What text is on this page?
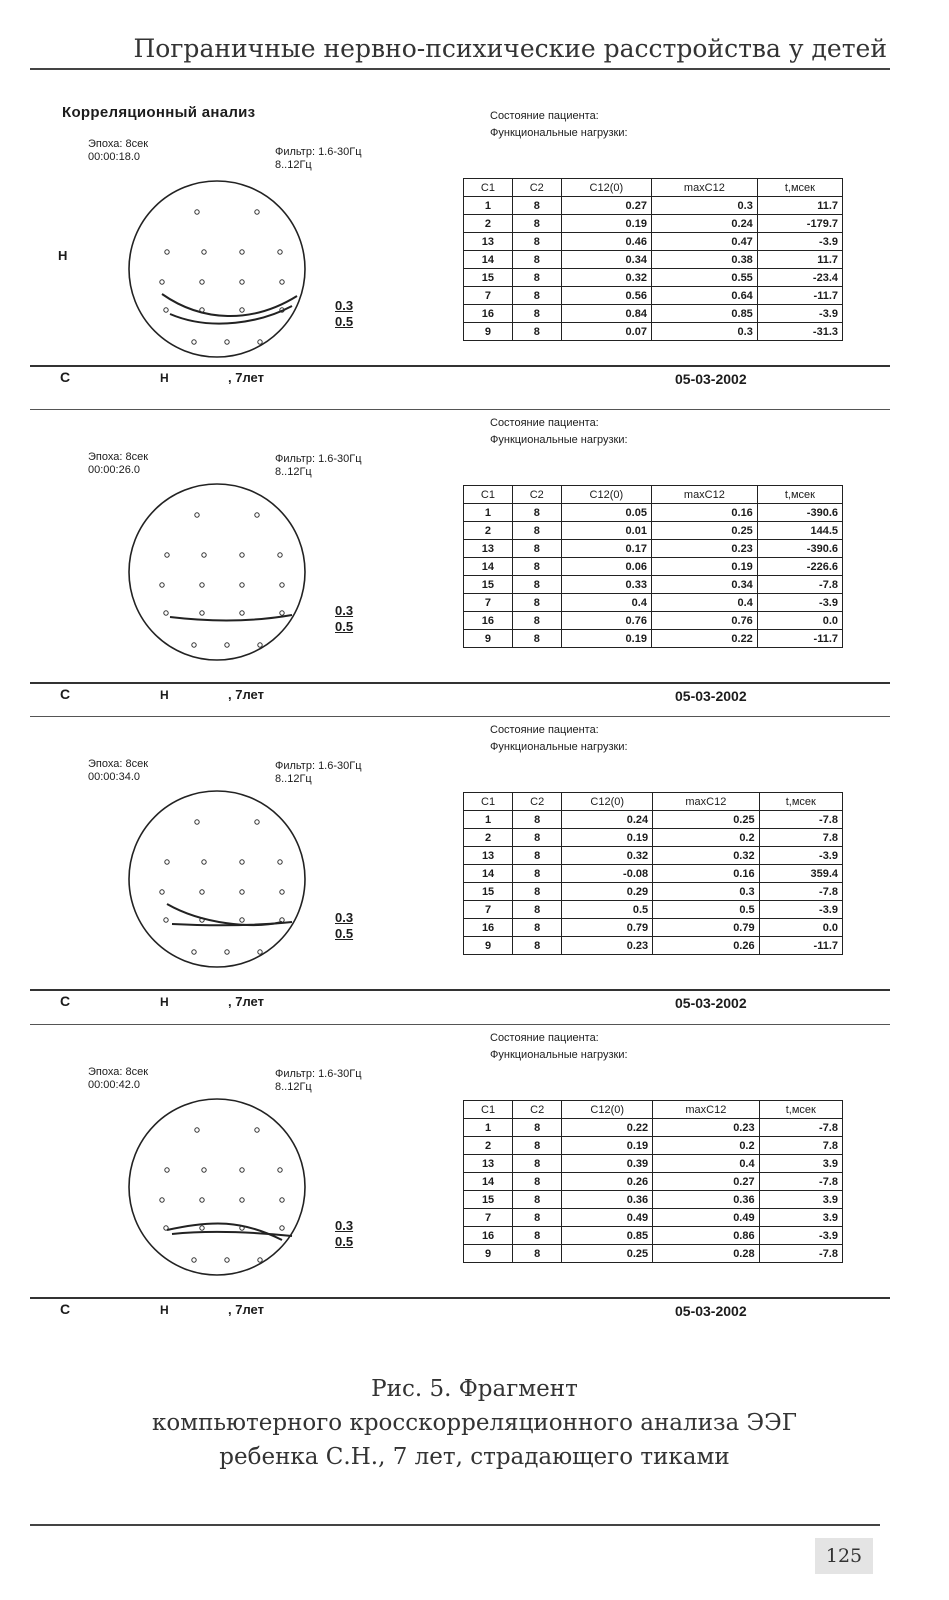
Пограничные нервно-психические расстройства у детей
Корреляционный анализ	Состояние пациента:
Функциональные нагрузки:
Эпоха: 8сек
00:00:18.0	Фильтр: 1.6-30Гц
8..12Гц
Н
0.3
0.5
С1	С2	С12(0)	maxC12	t,мсек
1	8	0.27	0.3	11.7
2	8	0.19	0.24	-179.7
13	8	0.46	0.47	-3.9
14	8	0.34	0.38	11.7
15	8	0.32	0.55	-23.4
7	8	0.56	0.64	-11.7
16	8	0.84	0.85	-3.9
9	8	0.07	0.3	-31.3
С	Н	, 7лет	05-03-2002
Состояние пациента:
Функциональные нагрузки:
Эпоха: 8сек
00:00:26.0
Фильтр: 1.6-30Гц
8..12Гц
0.3
0.5
С1	С2	С12(0)	maxC12	t,мсек
1	8	0.05	0.16	-390.6
2	8	0.01	0.25	144.5
13	8	0.17	0.23	-390.6
14	8	0.06	0.19	-226.6
15	8	0.33	0.34	-7.8
7	8	0.4	0.4	-3.9
16	8	0.76	0.76	0.0
9	8	0.19	0.22	-11.7
С	Н	, 7лет	05-03-2002
Состояние пациента:
Функциональные нагрузки:
Эпоха: 8сек
00:00:34.0
Фильтр: 1.6-30Гц
8..12Гц
0.3
0.5
С1	С2	С12(0)	maxC12	t,мсек
1	8	0.24	0.25	-7.8
2	8	0.19	0.2	7.8
13	8	0.32	0.32	-3.9
14	8	-0.08	0.16	359.4
15	8	0.29	0.3	-7.8
7	8	0.5	0.5	-3.9
16	8	0.79	0.79	0.0
9	8	0.23	0.26	-11.7
С	Н	, 7лет	05-03-2002
Состояние пациента:
Функциональные нагрузки:
Эпоха: 8сек
00:00:42.0
Фильтр: 1.6-30Гц
8..12Гц
0.3
0.5
С1	С2	С12(0)	maxC12	t,мсек
1	8	0.22	0.23	-7.8
2	8	0.19	0.2	7.8
13	8	0.39	0.4	3.9
14	8	0.26	0.27	-7.8
15	8	0.36	0.36	3.9
7	8	0.49	0.49	3.9
16	8	0.85	0.86	-3.9
9	8	0.25	0.28	-7.8
С	Н	, 7лет	05-03-2002
Рис. 5. Фрагмент
компьютерного кросскорреляционного анализа ЭЭГ
ребенка С.Н., 7 лет, страдающего тиками
125
